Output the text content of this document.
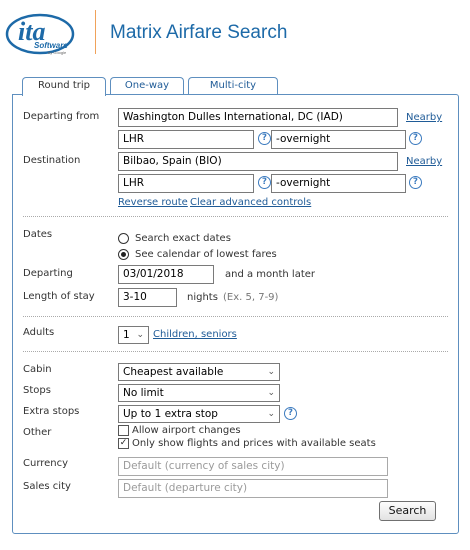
ita
Software
by Google
Matrix Airfare Search
Round trip	One-way	Multi-city
Departing from	Washington Dulles International, DC (IAD)	Nearby
LHR	? -overnight	?
Destination	Bilbao, Spain (BIO)	Nearby
LHR	? -overnight	?
Reverse route Clear advanced controls
Dates	Search exact dates
See calendar of lowest fares
Departing	03/01/2018	and a month later
Length of stay	3-10	nights (Ex. 5, 7-9)
Adults	1 ⌄ Children, seniors
Cabin	Cheapest available	⌄
Stops	No limit	⌄
Extra stops	Up to 1 extra stop	⌄	?
Other	Allow airport changes
✓ Only show flights and prices with available seats
Currency	Default (currency of sales city)
Sales city	Default (departure city)
Search
